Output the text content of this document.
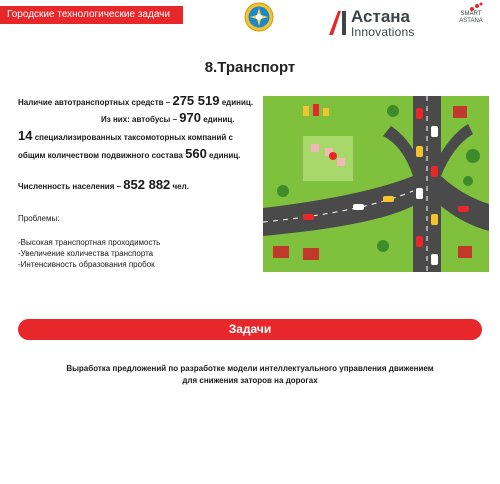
Городские технологические задачи	Астана
Innovations
SMART
ASTANA
8.Транспорт
Наличие автотранспортных средств – 275 519 единиц.
Из них: автобусы – 970 единиц.
14 специализированных таксомоторных компаний с
общим количеством подвижного состава 560 единиц.
Численность населения – 852 882 чел.
Проблемы:
-Высокая транспортная проходимость
-Увеличение количества транспорта
-Интенсивность образования пробок
Задачи
Выработка предложений по разработке модели интеллектуального управления движением
для снижения заторов на дорогах
